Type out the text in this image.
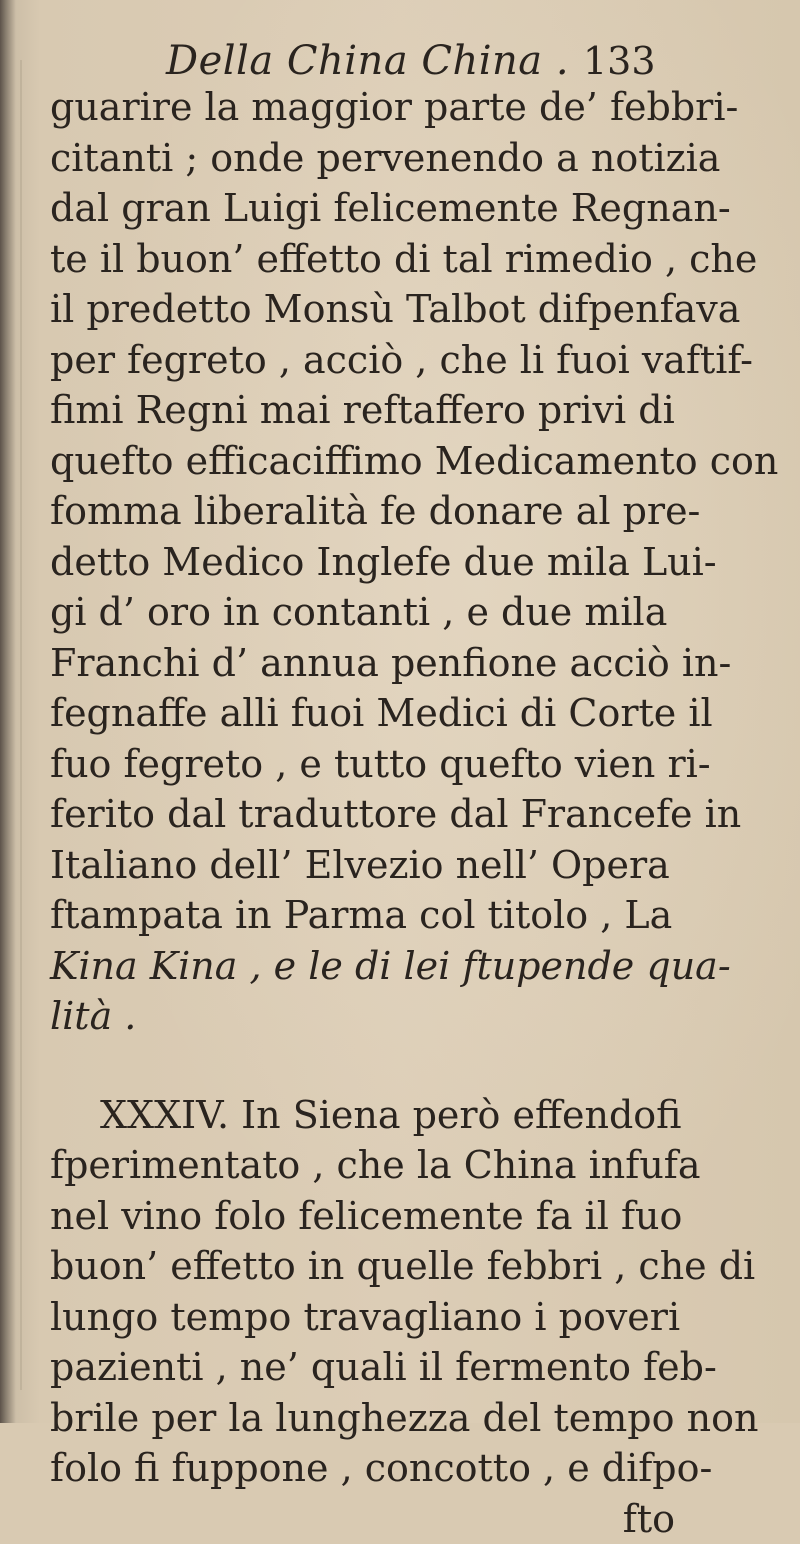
Della China China . 133
guarire la maggior parte de’ febbri-
citanti ; onde pervenendo a notizia
dal gran Luigi felicemente Regnan-
te il buon’ effetto di tal rimedio , che
il predetto Monsù Talbot difpenfava
per fegreto , acciò , che li fuoi vaftif-
fimi Regni mai reftaffero privi di
quefto efficaciffimo Medicamento con
fomma liberalità fe donare al pre-
detto Medico Inglefe due mila Lui-
gi d’ oro in contanti , e due mila
Franchi d’ annua penfione acciò in-
fegnaffe alli fuoi Medici di Corte il
fuo fegreto , e tutto quefto vien ri-
ferito dal traduttore dal Francefe in
Italiano dell’ Elvezio nell’ Opera
ftampata in Parma col titolo , La
Kina Kina , e le di lei ftupende qua-
lità .
XXXIV. In Siena però effendofi
fperimentato , che la China infufa
nel vino folo felicemente fa il fuo
buon’ effetto in quelle febbri , che di
lungo tempo travagliano i poveri
pazienti , ne’ quali il fermento feb-
brile per la lunghezza del tempo non
folo fi fuppone , concotto , e difpo-
fto
